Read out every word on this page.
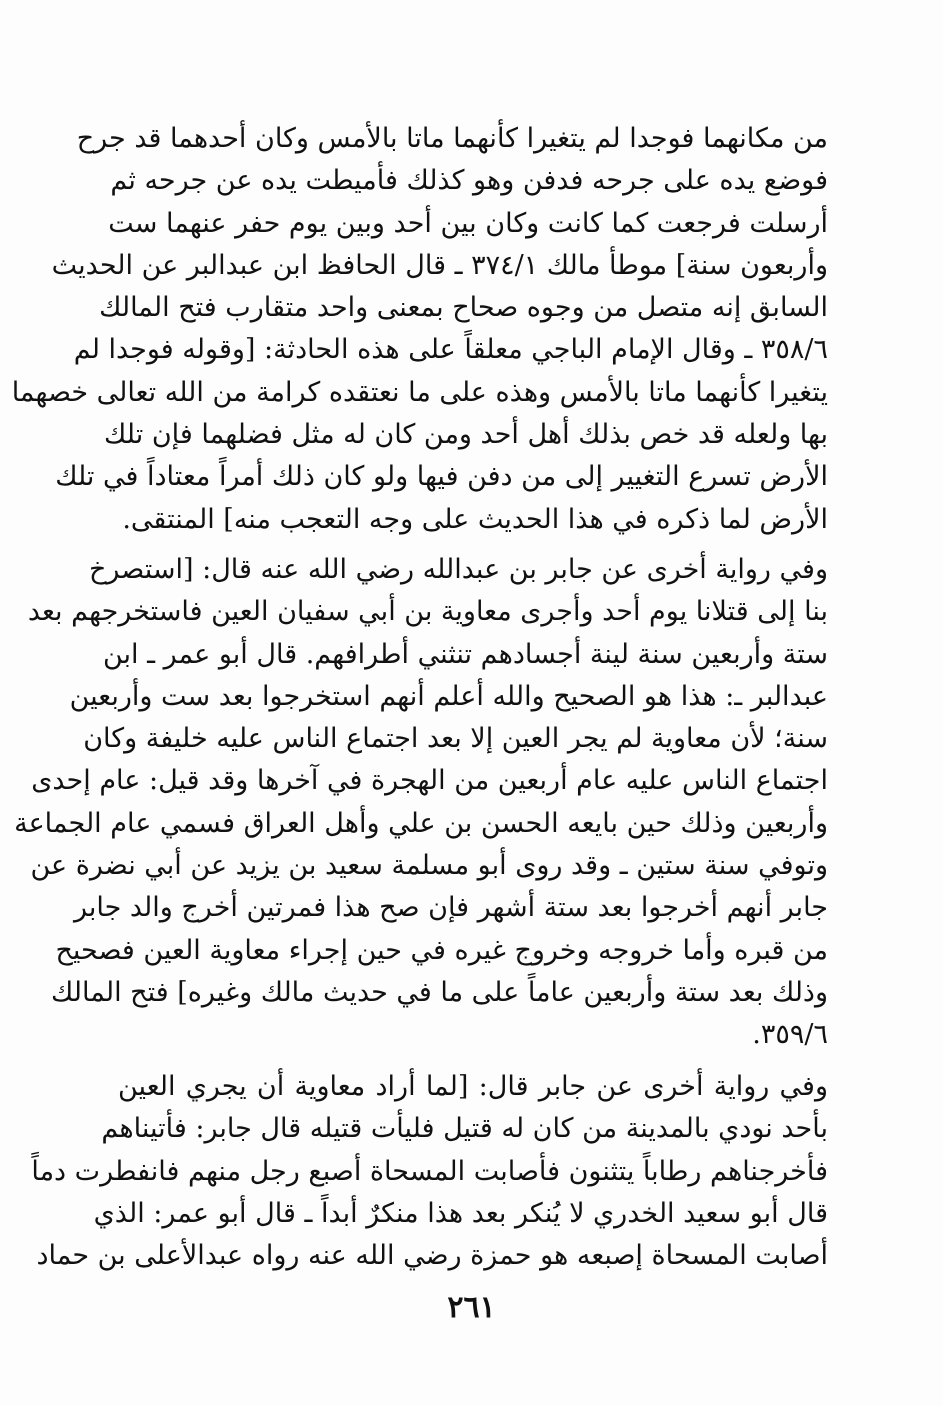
من مكانهما فوجدا لم يتغيرا كأنهما ماتا بالأمس وكان أحدهما قد جرح
فوضع يده على جرحه فدفن وهو كذلك فأميطت يده عن جرحه ثم
أرسلت فرجعت كما كانت وكان بين أحد وبين يوم حفر عنهما ست
وأربعون سنة] موطأ مالك ٣٧٤/١ ـ قال الحافظ ابن عبدالبر عن الحديث
السابق إنه متصل من وجوه صحاح بمعنى واحد متقارب فتح المالك
٣٥٨/٦ ـ وقال الإمام الباجي معلقاً على هذه الحادثة: [وقوله فوجدا لم
يتغيرا كأنهما ماتا بالأمس وهذه على ما نعتقده كرامة من الله تعالى خصهما
بها ولعله قد خص بذلك أهل أحد ومن كان له مثل فضلهما فإن تلك
الأرض تسرع التغيير إلى من دفن فيها ولو كان ذلك أمراً معتاداً في تلك
الأرض لما ذكره في هذا الحديث على وجه التعجب منه] المنتقى.
وفي رواية أخرى عن جابر بن عبدالله رضي الله عنه قال: [استصرخ
بنا إلى قتلانا يوم أحد وأجرى معاوية بن أبي سفيان العين فاستخرجهم بعد
ستة وأربعين سنة لينة أجسادهم تنثني أطرافهم. قال أبو عمر ـ ابن
عبدالبر ـ: هذا هو الصحيح والله أعلم أنهم استخرجوا بعد ست وأربعين
سنة؛ لأن معاوية لم يجر العين إلا بعد اجتماع الناس عليه خليفة وكان
اجتماع الناس عليه عام أربعين من الهجرة في آخرها وقد قيل: عام إحدى
وأربعين وذلك حين بايعه الحسن بن علي وأهل العراق فسمي عام الجماعة
وتوفي سنة ستين ـ وقد روى أبو مسلمة سعيد بن يزيد عن أبي نضرة عن
جابر أنهم أخرجوا بعد ستة أشهر فإن صح هذا فمرتين أخرج والد جابر
من قبره وأما خروجه وخروج غيره في حين إجراء معاوية العين فصحيح
وذلك بعد ستة وأربعين عاماً على ما في حديث مالك وغيره] فتح المالك
٣٥٩/٦.
وفي رواية أخرى عن جابر قال: [لما أراد معاوية أن يجري العين
بأحد نودي بالمدينة من كان له قتيل فليأت قتيله قال جابر: فأتيناهم
فأخرجناهم رطاباً يتثنون فأصابت المسحاة أصبع رجل منهم فانفطرت دماً
قال أبو سعيد الخدري لا يُنكر بعد هذا منكرٌ أبداً ـ قال أبو عمر: الذي
أصابت المسحاة إصبعه هو حمزة رضي الله عنه رواه عبدالأعلى بن حماد
٢٦١
